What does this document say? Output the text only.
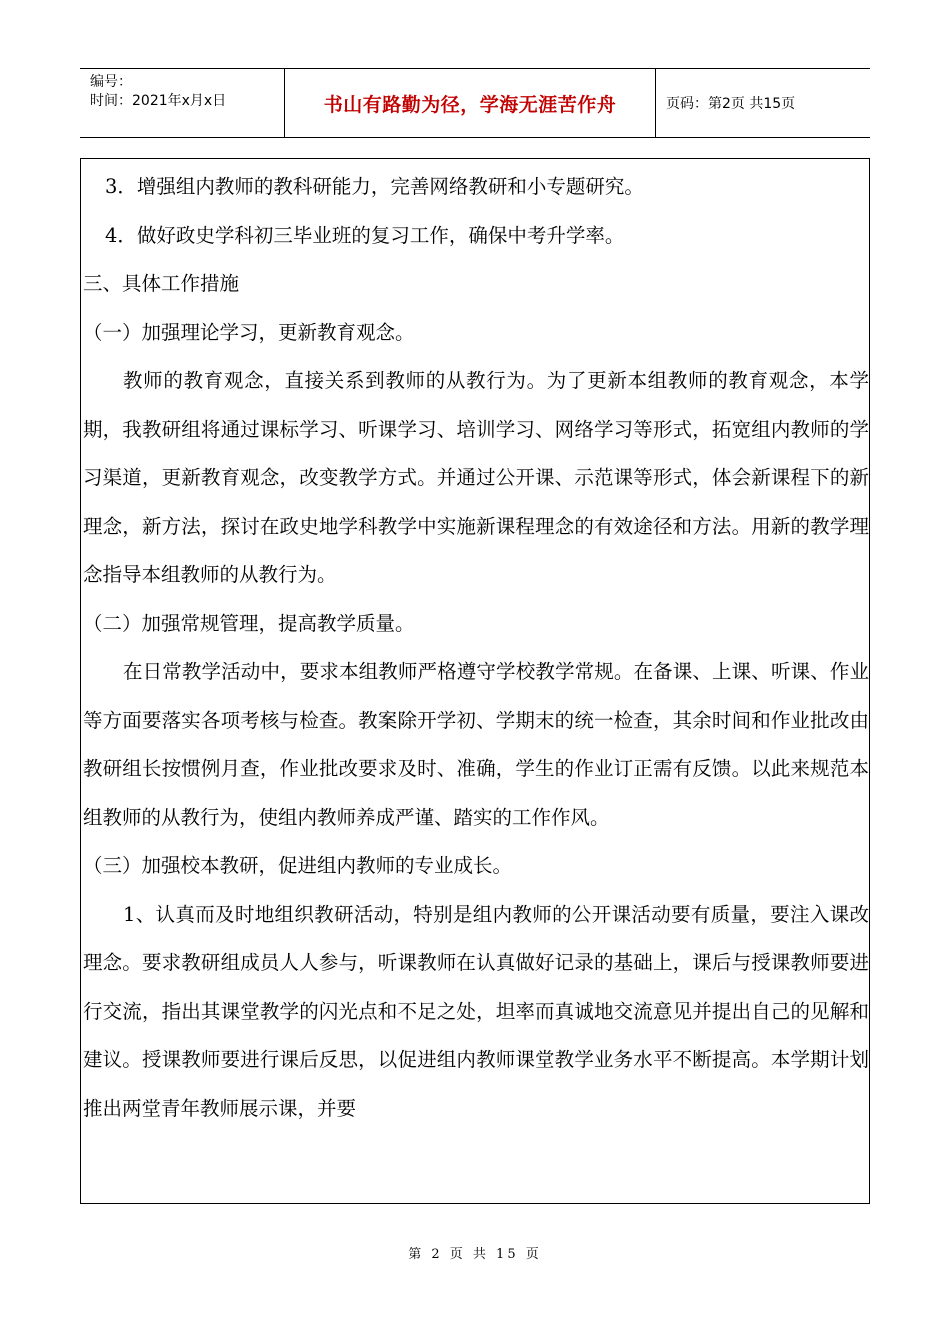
编号：
时间：2021年x月x日	书山有路勤为径，学海无涯苦作舟	页码：第2页 共15页

3．增强组内教师的教科研能力，完善网络教研和小专题研究。

4．做好政史学科初三毕业班的复习工作，确保中考升学率。

三、具体工作措施

（一）加强理论学习，更新教育观念。

教师的教育观念，直接关系到教师的从教行为。为了更新本组教师的教育观念，本学期，我教研组将通过课标学习、听课学习、培训学习、网络学习等形式，拓宽组内教师的学习渠道，更新教育观念，改变教学方式。并通过公开课、示范课等形式，体会新课程下的新理念，新方法，探讨在政史地学科教学中实施新课程理念的有效途径和方法。用新的教学理念指导本组教师的从教行为。

（二）加强常规管理，提高教学质量。

在日常教学活动中，要求本组教师严格遵守学校教学常规。在备课、上课、听课、作业等方面要落实各项考核与检查。教案除开学初、学期末的统一检查，其余时间和作业批改由教研组长按惯例月查，作业批改要求及时、准确，学生的作业订正需有反馈。以此来规范本组教师的从教行为，使组内教师养成严谨、踏实的工作作风。

（三）加强校本教研，促进组内教师的专业成长。

1、认真而及时地组织教研活动，特别是组内教师的公开课活动要有质量，要注入课改理念。要求教研组成员人人参与，听课教师在认真做好记录的基础上，课后与授课教师要进行交流，指出其课堂教学的闪光点和不足之处，坦率而真诚地交流意见并提出自己的见解和建议。授课教师要进行课后反思，以促进组内教师课堂教学业务水平不断提高。本学期计划推出两堂青年教师展示课，并要

第 2 页 共 15 页
